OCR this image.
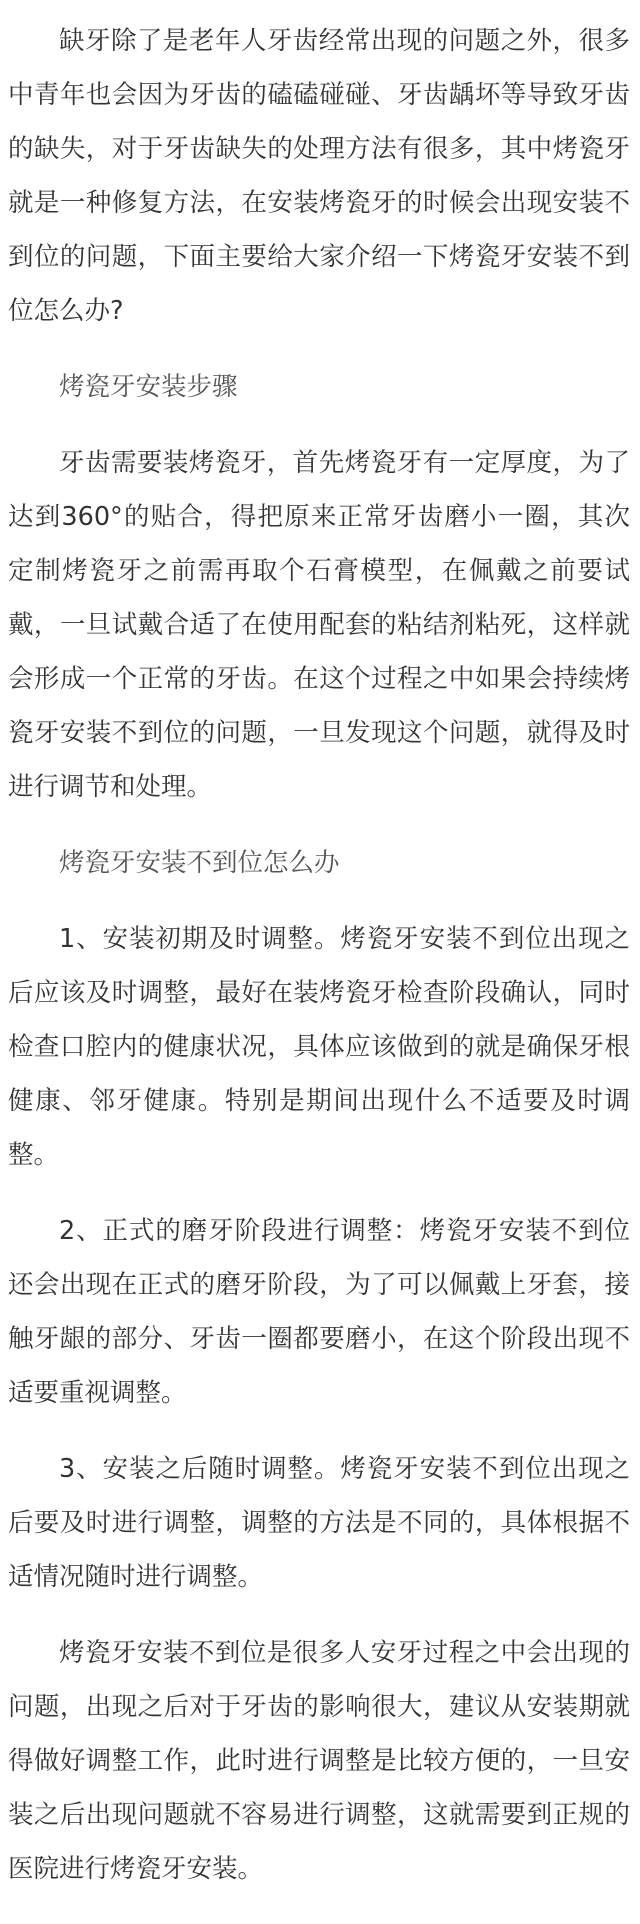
缺牙除了是老年人牙齿经常出现的问题之外，很多中青年也会因为牙齿的磕磕碰碰、牙齿龋坏等导致牙齿的缺失，对于牙齿缺失的处理方法有很多，其中烤瓷牙就是一种修复方法，在安装烤瓷牙的时候会出现安装不到位的问题，下面主要给大家介绍一下烤瓷牙安装不到位怎么办?

烤瓷牙安装步骤

牙齿需要装烤瓷牙，首先烤瓷牙有一定厚度，为了达到360°的贴合，得把原来正常牙齿磨小一圈，其次定制烤瓷牙之前需再取个石膏模型，在佩戴之前要试戴，一旦试戴合适了在使用配套的粘结剂粘死，这样就会形成一个正常的牙齿。在这个过程之中如果会持续烤瓷牙安装不到位的问题，一旦发现这个问题，就得及时进行调节和处理。

烤瓷牙安装不到位怎么办

1、安装初期及时调整。烤瓷牙安装不到位出现之后应该及时调整，最好在装烤瓷牙检查阶段确认，同时检查口腔内的健康状况，具体应该做到的就是确保牙根健康、邻牙健康。特别是期间出现什么不适要及时调整。

2、正式的磨牙阶段进行调整：烤瓷牙安装不到位还会出现在正式的磨牙阶段，为了可以佩戴上牙套，接触牙龈的部分、牙齿一圈都要磨小，在这个阶段出现不适要重视调整。

3、安装之后随时调整。烤瓷牙安装不到位出现之后要及时进行调整，调整的方法是不同的，具体根据不适情况随时进行调整。

烤瓷牙安装不到位是很多人安牙过程之中会出现的问题，出现之后对于牙齿的影响很大，建议从安装期就得做好调整工作，此时进行调整是比较方便的，一旦安装之后出现问题就不容易进行调整，这就需要到正规的医院进行烤瓷牙安装。
